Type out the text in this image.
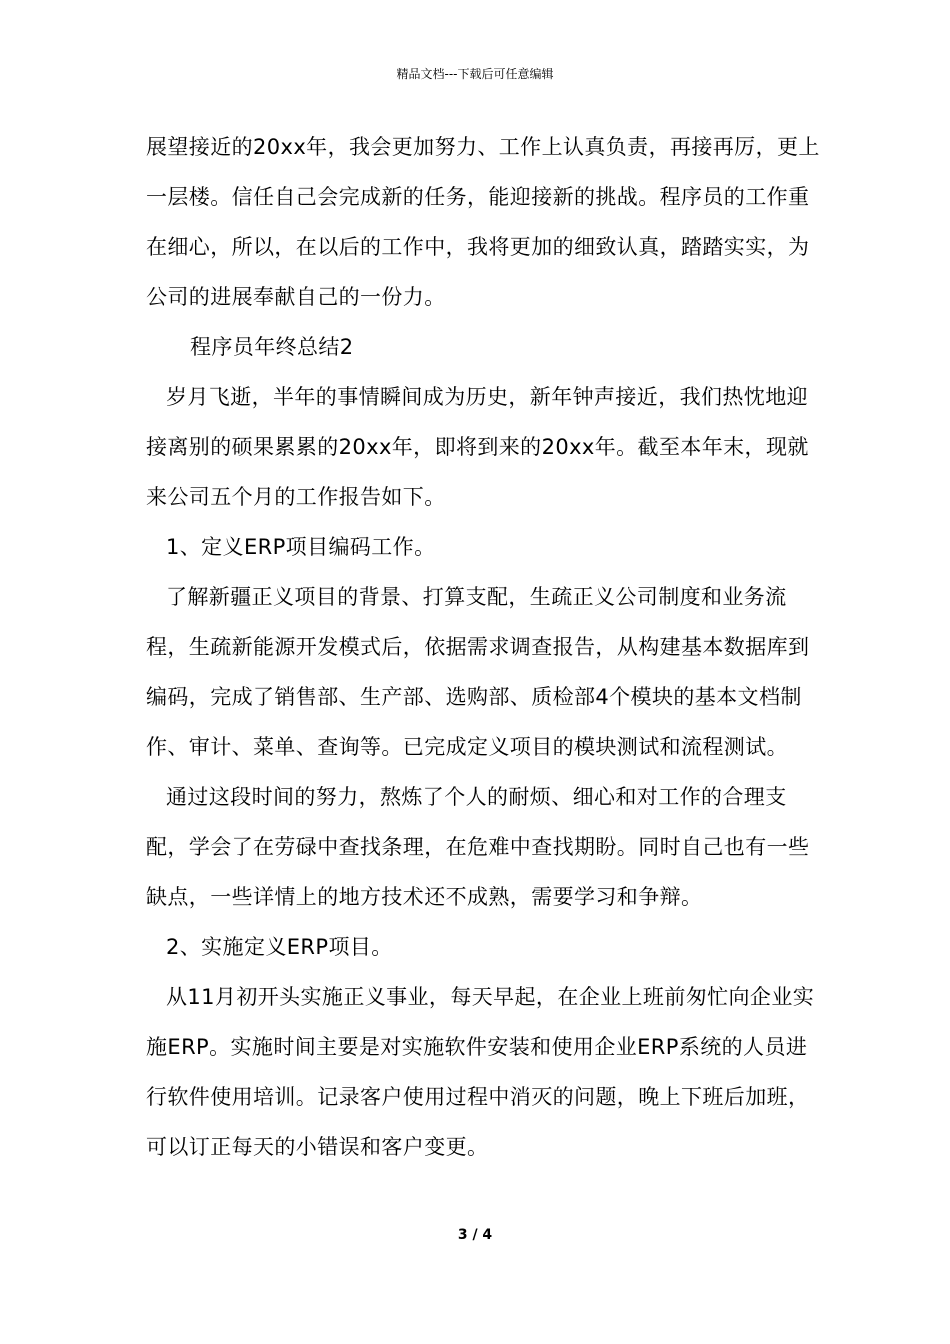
精品文档---下载后可任意编辑

展望接近的20xx年，我会更加努力、工作上认真负责，再接再厉，更上一层楼。信任自己会完成新的任务，能迎接新的挑战。程序员的工作重在细心，所以，在以后的工作中，我将更加的细致认真，踏踏实实，为公司的进展奉献自己的一份力。

程序员年终总结2

岁月飞逝，半年的事情瞬间成为历史，新年钟声接近，我们热忱地迎接离别的硕果累累的20xx年，即将到来的20xx年。截至本年末，现就来公司五个月的工作报告如下。

1、定义ERP项目编码工作。

了解新疆正义项目的背景、打算支配，生疏正义公司制度和业务流程，生疏新能源开发模式后，依据需求调查报告，从构建基本数据库到编码，完成了销售部、生产部、选购部、质检部4个模块的基本文档制作、审计、菜单、查询等。已完成定义项目的模块测试和流程测试。

通过这段时间的努力，熬炼了个人的耐烦、细心和对工作的合理支配，学会了在劳碌中查找条理，在危难中查找期盼。同时自己也有一些缺点，一些详情上的地方技术还不成熟，需要学习和争辩。

2、实施定义ERP项目。

从11月初开头实施正义事业，每天早起，在企业上班前匆忙向企业实施ERP。实施时间主要是对实施软件安装和使用企业ERP系统的人员进行软件使用培训。记录客户使用过程中消灭的问题，晚上下班后加班，可以订正每天的小错误和客户变更。

3 / 4
